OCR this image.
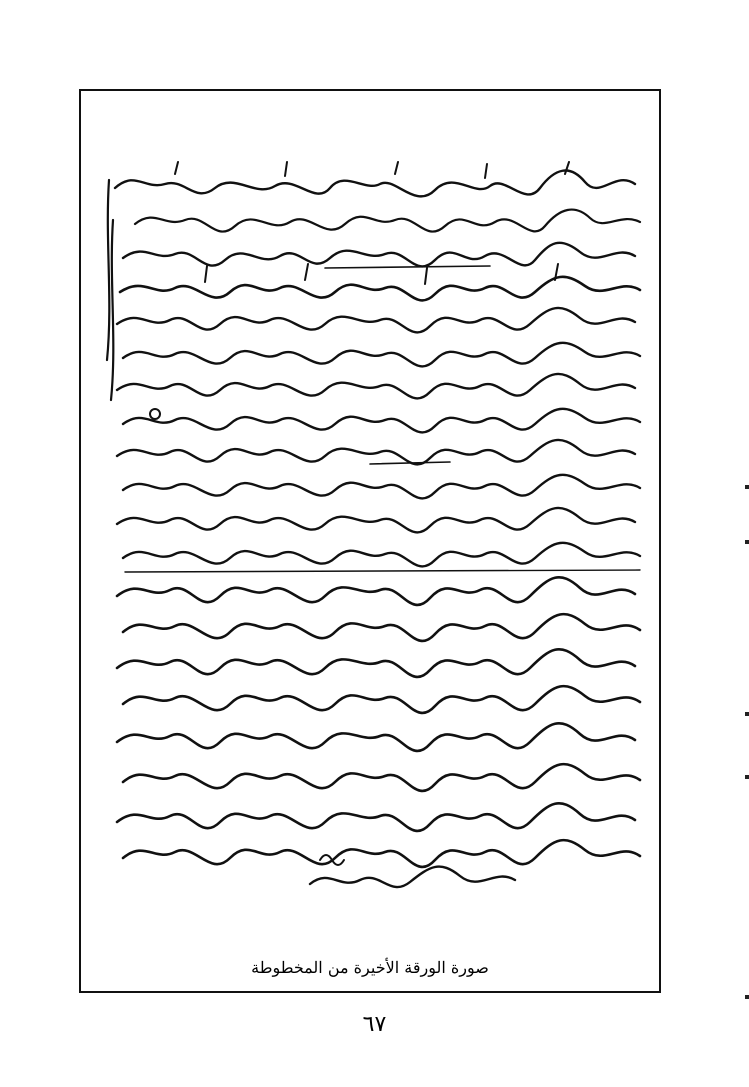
صورة الورقة الأخيرة من المخطوطة
٦٧
